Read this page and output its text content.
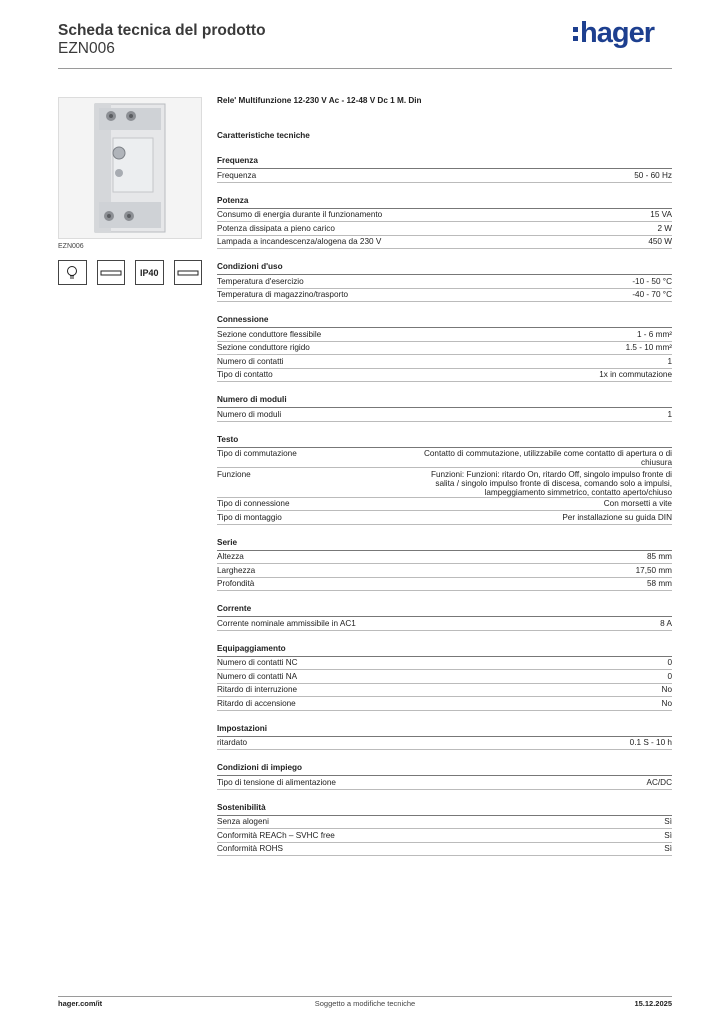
Scheda tecnica del prodotto
EZN006	hager
EZN006
IP40
Rele' Multifunzione 12-230 V Ac - 12-48 V Dc 1 M. Din
Caratteristiche tecniche
Frequenza
Frequenza	50 - 60 Hz
Potenza
Consumo di energia durante il funzionamento	15 VA
Potenza dissipata a pieno carico	2 W
Lampada a incandescenza/alogena da 230 V	450 W
Condizioni d'uso
Temperatura d'esercizio	-10 - 50 °C
Temperatura di magazzino/trasporto	-40 - 70 °C
Connessione
Sezione conduttore flessibile	1 - 6 mm²
Sezione conduttore rigido	1.5 - 10 mm²
Numero di contatti	1
Tipo di contatto	1x in commutazione
Numero di moduli
Numero di moduli	1
Testo
Tipo di commutazione	Contatto di commutazione, utilizzabile come contatto di apertura o di chiusura
Funzione	Funzioni: Funzioni: ritardo On, ritardo Off, singolo impulso fronte di salita / singolo impulso fronte di discesa, comando solo a impulsi, lampeggiamento simmetrico, contatto aperto/chiuso
Tipo di connessione	Con morsetti a vite
Tipo di montaggio	Per installazione su guida DIN
Serie
Altezza	85 mm
Larghezza	17,50 mm
Profondità	58 mm
Corrente
Corrente nominale ammissibile in AC1	8 A
Equipaggiamento
Numero di contatti NC	0
Numero di contatti NA	0
Ritardo di interruzione	No
Ritardo di accensione	No
Impostazioni
ritardato	0.1 S - 10 h
Condizioni di impiego
Tipo di tensione di alimentazione	AC/DC
Sostenibilità
Senza alogeni	Sì
Conformità REACh – SVHC free	Sì
Conformità ROHS	Sì
hager.com/it	Soggetto a modifiche tecniche	15.12.2025
